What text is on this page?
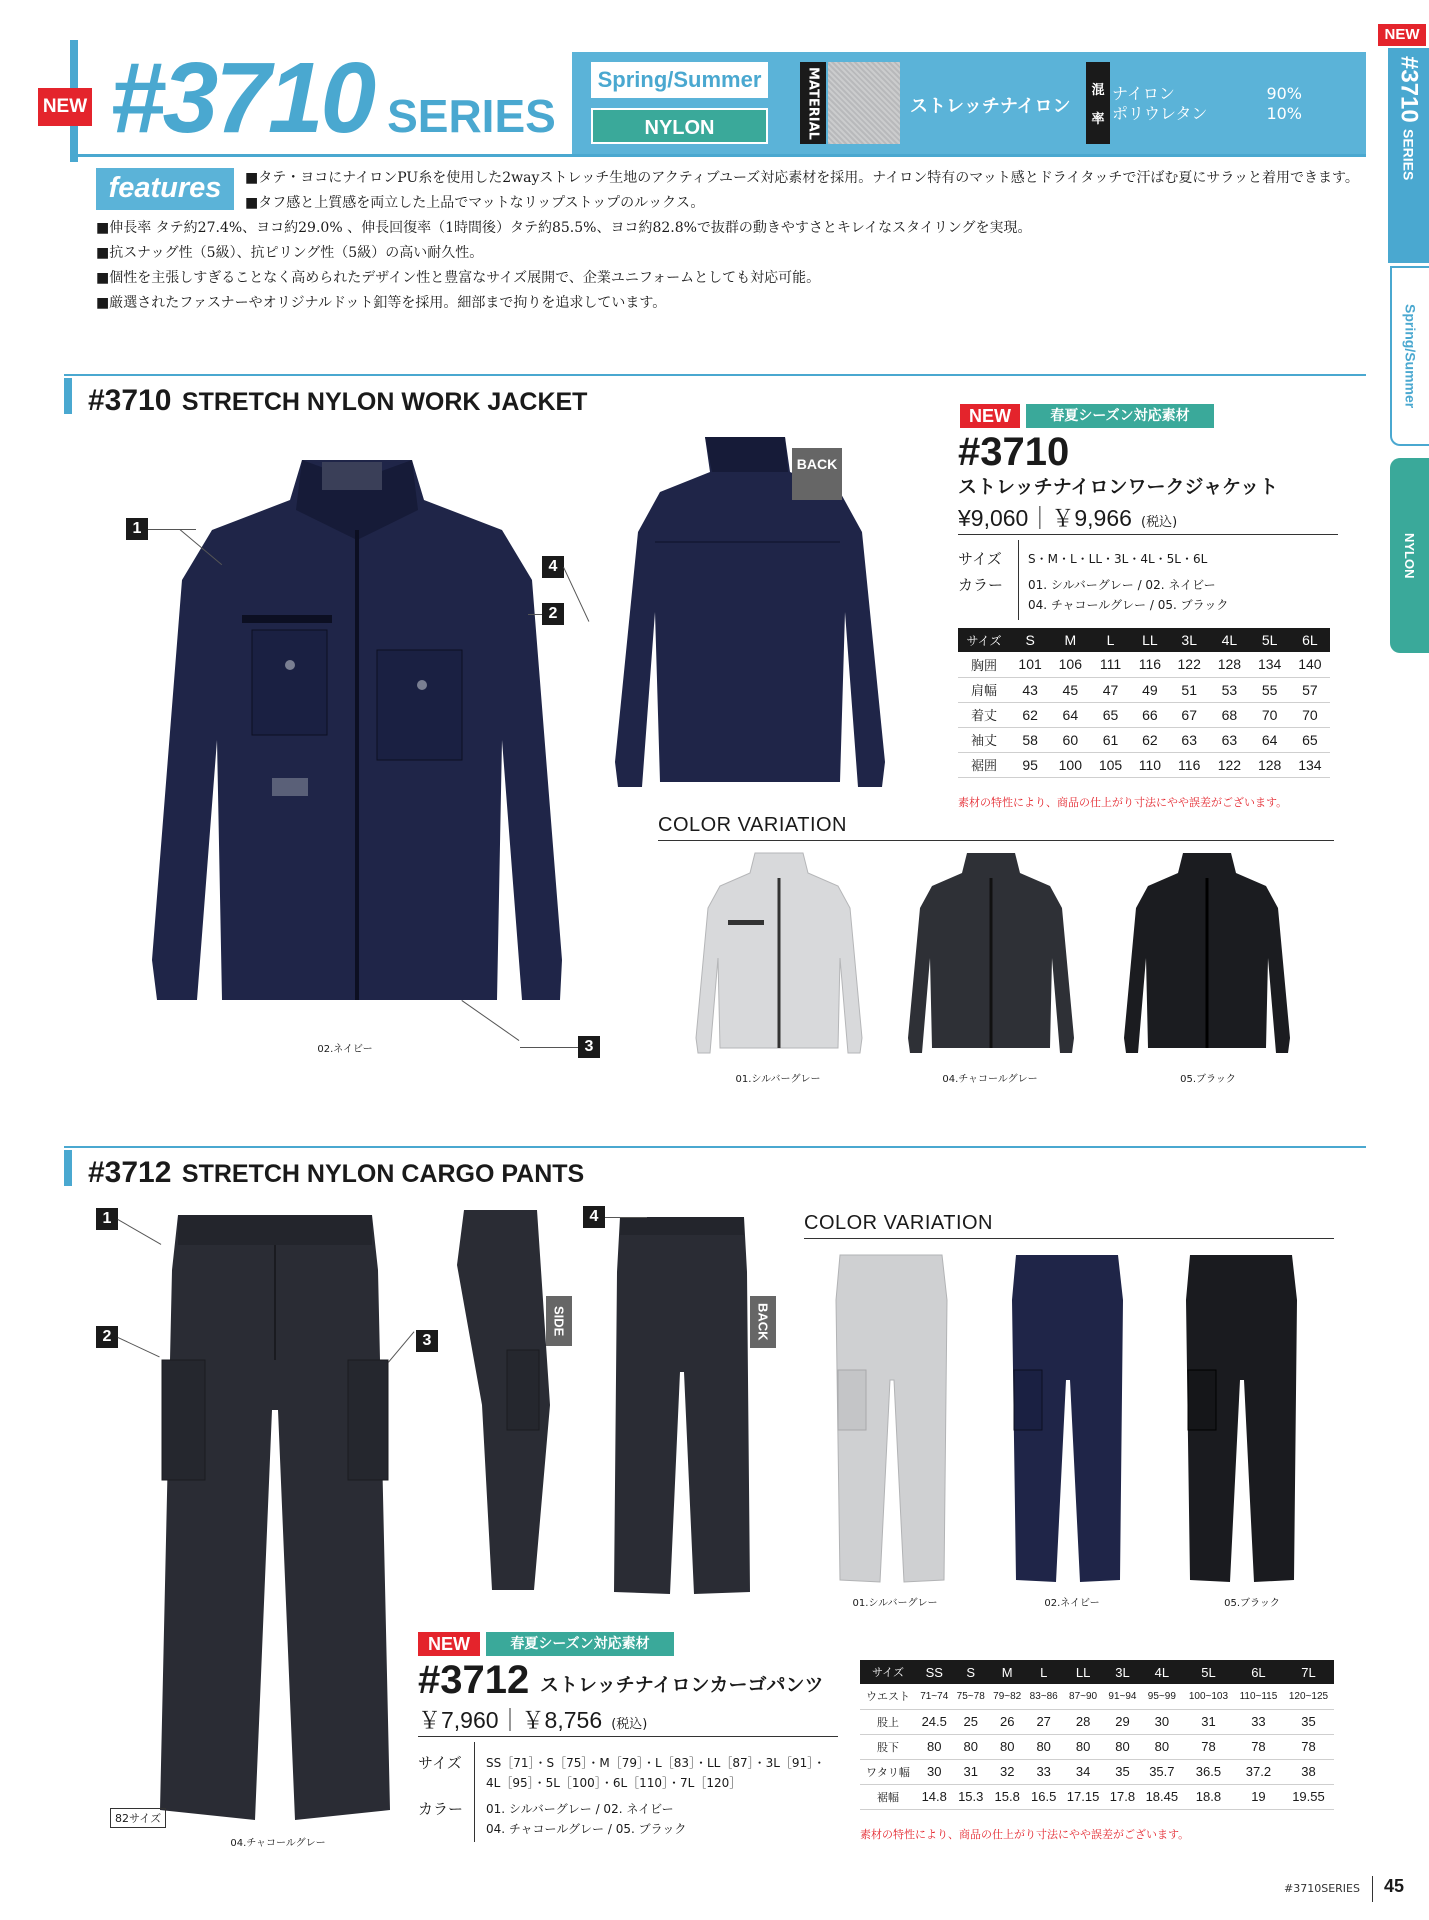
NEW #3710 SERIES
Spring/Summer
NYLON	MATERIAL	ストレッチナイロン
混
率
ナイロン	90%
ポリウレタン	10%
features	■タテ・ヨコにナイロンPU糸を使用した2wayストレッチ生地のアクティブユーズ対応素材を採用。ナイロン特有のマット感とドライタッチで汗ばむ夏にサラッと着用できます。
■タフ感と上質感を両立した上品でマットなリップストップのルックス。
■伸長率 タテ約27.4%、ヨコ約29.0% 、伸長回復率（1時間後）タテ約85.5%、ヨコ約82.8%で抜群の動きやすさとキレイなスタイリングを実現。
■抗スナッグ性（5級）、抗ピリング性（5級）の高い耐久性。
■個性を主張しすぎることなく高められたデザイン性と豊富なサイズ展開で、企業ユニフォームとしても対応可能。
■厳選されたファスナーやオリジナルドット釦等を採用。細部まで拘りを追求しています。
NEW
#3710SERIES
Spring/Summer
NYLON
#3710 STRETCH NYLON WORK JACKET
02.ネイビー
BACK
1
4
2
3
NEW	春夏シーズン対応素材
#3710
ストレッチナイロンワークジャケット
¥9,060｜￥9,966 (税込)
サイズ S・M・L・LL・3L・4L・5L・6L
カラー 01. シルバーグレー / 02. ネイビー
04. チャコールグレー / 05. ブラック
サイズ	S	M	L	LL	3L	4L	5L	6L
胸囲	101	106	111	116	122	128	134	140
肩幅	43	45	47	49	51	53	55	57
着丈	62	64	65	66	67	68	70	70
袖丈	58	60	61	62	63	63	64	65
裾囲	95	100	105	110	116	122	128	134
素材の特性により、商品の仕上がり寸法にやや誤差がございます。
COLOR VARIATION
01.シルバーグレー	04.チャコールグレー	05.ブラック
#3712 STRETCH NYLON CARGO PANTS
82サイズ
04.チャコールグレー
SIDE	BACK
1
2	3
4	COLOR VARIATION
01.シルバーグレー	02.ネイビー	05.ブラック
NEW	春夏シーズン対応素材
#3712 ストレッチナイロンカーゴパンツ
￥7,960｜￥8,756 (税込)
サイズ SS［71］・S［75］・M［79］・L［83］・LL［87］・3L［91］・
4L［95］・5L［100］・6L［110］・7L［120］
カラー 01. シルバーグレー / 02. ネイビー
04. チャコールグレー / 05. ブラック
サイズ	SS	S	M	L	LL	3L	4L	5L	6L	7L
ウエスト	71~74	75~78	79~82	83~86	87~90	91~94	95~99	100~103	110~115	120~125
股上	24.5	25	26	27	28	29	30	31	33	35
股下	80	80	80	80	80	80	80	78	78	78
ワタリ幅	30	31	32	33	34	35	35.7	36.5	37.2	38
裾幅	14.8	15.3	15.8	16.5	17.15	17.8	18.45	18.8	19	19.55
素材の特性により、商品の仕上がり寸法にやや誤差がございます。
#3710SERIES 45
